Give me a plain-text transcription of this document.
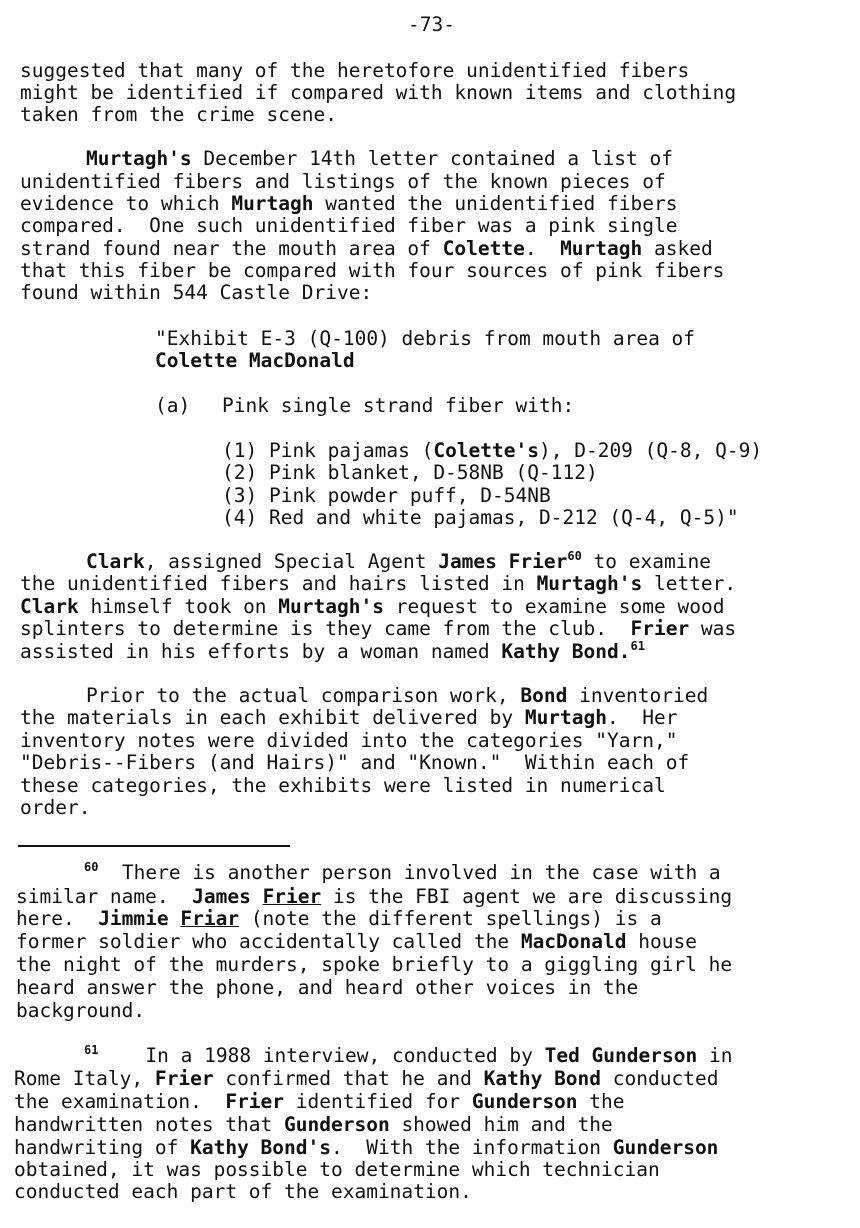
-73-
suggested that many of the heretofore unidentified fibers
might be identified if compared with known items and clothing
taken from the crime scene.
Murtagh's December 14th letter contained a list of
unidentified fibers and listings of the known pieces of
evidence to which Murtagh wanted the unidentified fibers
compared.  One such unidentified fiber was a pink single
strand found near the mouth area of Colette.  Murtagh asked
that this fiber be compared with four sources of pink fibers
found within 544 Castle Drive:
"Exhibit E-3 (Q-100) debris from mouth area of
Colette MacDonald
(a) Pink single strand fiber with:
(1) Pink pajamas (Colette's), D-209 (Q-8, Q-9)
(2) Pink blanket, D-58NB (Q-112)
(3) Pink powder puff, D-54NB
(4) Red and white pajamas, D-212 (Q-4, Q-5)"
Clark, assigned Special Agent James Frier$^{60}$ to examine
the unidentified fibers and hairs listed in Murtagh's letter.
Clark himself took on Murtagh's request to examine some wood
splinters to determine is they came from the club.  Frier was
assisted in his efforts by a woman named Kathy Bond.$^{61}$
Prior to the actual comparison work, Bond inventoried
the materials in each exhibit delivered by Murtagh.  Her
inventory notes were divided into the categories "Yarn,"
"Debris--Fibers (and Hairs)" and "Known."  Within each of
these categories, the exhibits were listed in numerical
order.
$^{60}$ There is another person involved in the case with a
similar name.  James Frier is the FBI agent we are discussing
here.  Jimmie Friar (note the different spellings) is a
former soldier who accidentally called the MacDonald house
the night of the murders, spoke briefly to a giggling girl he
heard answer the phone, and heard other voices in the
background.
$^{61}$ In a 1988 interview, conducted by Ted Gunderson in
Rome Italy, Frier confirmed that he and Kathy Bond conducted
the examination.  Frier identified for Gunderson the
handwritten notes that Gunderson showed him and the
handwriting of Kathy Bond's.  With the information Gunderson
obtained, it was possible to determine which technician
conducted each part of the examination.
